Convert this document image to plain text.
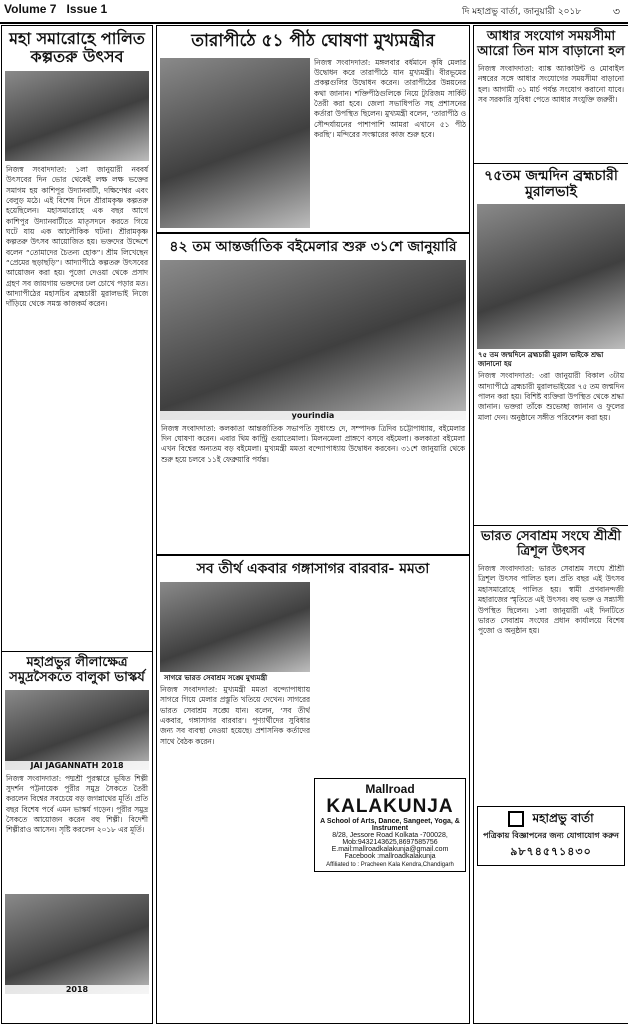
Volume 7 Issue 1	দি মহাপ্রভু বার্তা, জানুয়ারী ২০১৮	৩
মহা সমারোহে পালিত কল্পতরু উৎসব

নিজস্ব সংবাদদাতা: ১লা জানুয়ারী নববর্ষ উৎসবের দিন ভোর থেকেই লক্ষ লক্ষ ভক্তের সমাগম হয় কাশিপুর উদ্যানবাটী, দক্ষিণেশ্বর এবং বেলুড় মঠে। এই বিশেষ দিনে শ্রীরামকৃষ্ণ কল্পতরু হয়েছিলেন। মহাসমারোহে এক বছর আগে কাশিপুর উদ্যানবাটীতে মাতৃসদনে করতে গিয়ে ঘটে যায় এক আলৌকিক ঘটনা। শ্রীরামকৃষ্ণ কল্পতরু উৎসব আয়োজিত হয়। ভক্তদের উদ্দেশে বলেন “তোমাদের চৈতন্য হোক”। শ্রীম লিখেছেন “প্রেমের ছড়াছড়ি”। আদ্যাপীঠে কল্পতরু উৎসবের আয়োজন করা হয়। পুজো দেওয়া থেকে প্রসাদ গ্রহণ সব জায়গায় ভক্তদের ঢল চোখে পড়ার মত। আদ্যাপীঠের মহাসচিব ব্রহ্মচারী মুরালভাই নিজে দাঁড়িয়ে থেকে সমস্ত কাজকর্ম করেন।

মহাপ্রভুর লীলাক্ষেত্র সমুদ্রসৈকতে বালুকা ভাস্কর্য
JAI JAGANNATH 2018

নিজস্ব সংবাদদাতা: পদ্মশ্রী পুরস্কারে ভূষিত শিল্পী সুদর্শন পট্টনায়েক পুরীর সমুদ্র সৈকতে তৈরী করলেন বিশ্বের সবচেয়ে বড় জগন্নাথের মূর্তি। প্রতি বছর বিশেষ পর্বে এমন ভাস্কর্য গড়েন। পুরীর সমুদ্র সৈকতে আয়োজন করেন বহু শিল্পী। বিদেশী শিল্পীরাও আসেন। সৃষ্টি করলেন ২০১৮ এর মূর্তি।

2018
তারাপীঠে ৫১ পীঠ ঘোষণা মুখ্যমন্ত্রীর

নিজস্ব সংবাদদাতা: মঙ্গলবার বর্ধমানে কৃষি মেলার উদ্বোধন করে তারাপীঠে যান মুখ্যমন্ত্রী। বীরভূমের প্রকল্পগুলির উদ্বোধন করেন। তারাপীঠের উন্নয়নের কথা জানান। শক্তিপীঠগুলিকে নিয়ে ট্যুরিজম সার্কিট তৈরী করা হবে। জেলা সভাধিপতি সহ প্রশাসনের কর্তারা উপস্থিত ছিলেন। মুখ্যমন্ত্রী বলেন, ‘তারাপীঠ ও সৌন্দর্যায়নের পাশাপাশি আমরা এখানে ৫১ পীঠ করছি’। মন্দিরের সংস্কারের কাজ শুরু হবে।

৪২ তম আন্তর্জাতিক বইমেলার শুরু ৩১শে জানুয়ারি
yourindia

নিজস্ব সংবাদদাতা: কলকাতা আন্তর্জাতিক সভাপতি সুধাংশু দে, সম্পাদক ত্রিদিব চট্টোপাধ্যায়, বইমেলার দিন ঘোষণা করেন। এবার থিম কান্ট্রি গুয়াতেমালা। মিলনমেলা প্রাঙ্গণে বসবে বইমেলা। কলকাতা বইমেলা এখন বিশ্বের অন্যতম বড় বইমেলা। মুখ্যমন্ত্রী মমতা বন্দ্যোপাধ্যায় উদ্বোধন করবেন। ৩১শে জানুয়ারি থেকে শুরু হয়ে চলবে ১১ই ফেব্রুয়ারি পর্যন্ত।

সব তীর্থ একবার গঙ্গাসাগর বারবার- মমতা
সাগরে ভারত সেবাশ্রম সঙ্ঘে মুখ্যমন্ত্রী

নিজস্ব সংবাদদাতা: মুখ্যমন্ত্রী মমতা বন্দ্যোপাধ্যায় সাগরে গিয়ে মেলার প্রস্তুতি খতিয়ে দেখেন। সাগরের ভারত সেবাশ্রম সঙ্ঘে যান। বলেন, ‘সব তীর্থ একবার, গঙ্গাসাগর বারবার’। পুণ্যার্থীদের সুবিধার জন্য সব ব্যবস্থা নেওয়া হয়েছে। প্রশাসনিক কর্তাদের সাথে বৈঠক করেন।

Mallroad
KALAKUNJA
A School of Arts, Dance, Sangeet, Yoga, & Instrument
8/28, Jessore Road Kolkata -700028,
Mob:9432143625,8697585756
E.mail:mallroadkalakunja@gmail.com
Facebook :mallroadkalakunja
Affiliated to : Pracheen Kala Kendra,Chandigarh
আধার সংযোগ সময়সীমা আরো তিন মাস বাড়ানো হল

নিজস্ব সংবাদদাতা: ব্যাঙ্ক অ্যাকাউন্ট ও মোবাইল নম্বরের সঙ্গে আধার সংযোগের সময়সীমা বাড়ানো হল। আগামী ৩১ মার্চ পর্যন্ত সংযোগ করানো যাবে। সব সরকারি সুবিধা পেতে আধার সংযুক্তি জরুরী।

৭৫তম জন্মদিন ব্রহ্মচারী মুরালভাই
৭৫ তম জন্মদিনে ব্রহ্মচারী মুরাল ভাইকে শ্রদ্ধা জানানো হয়

নিজস্ব সংবাদদাতা: ৩রা জানুয়ারী বিকাল ৩টায় আদ্যাপীঠে ব্রহ্মচারী মুরালভাইয়ের ৭৫ তম জন্মদিন পালন করা হয়। বিশিষ্ট ব্যক্তিরা উপস্থিত থেকে শ্রদ্ধা জানান। ভক্তরা তাঁকে শুভেচ্ছা জানান ও ফুলের মালা দেন। অনুষ্ঠানে সঙ্গীত পরিবেশন করা হয়।

ভারত সেবাশ্রম সংঘে শ্রীশ্রী ত্রিশূল উৎসব

নিজস্ব সংবাদদাতা: ভারত সেবাশ্রম সংঘে শ্রীশ্রী ত্রিশূল উৎসব পালিত হল। প্রতি বছর এই উৎসব মহাসমারোহে পালিত হয়। স্বামী প্রণবানন্দজী মহারাজের স্মৃতিতে এই উৎসব। বহু ভক্ত ও সন্ন্যাসী উপস্থিত ছিলেন। ১লা জানুয়ারী এই দিনটিতে ভারত সেবাশ্রম সংঘের প্রধান কার্যালয়ে বিশেষ পুজো ও অনুষ্ঠান হয়।

মহাপ্রভু বার্তা
পত্রিকায় বিজ্ঞাপনের জন্য যোগাযোগ করুন
৯৮৭৪৫৭১৪৩০
